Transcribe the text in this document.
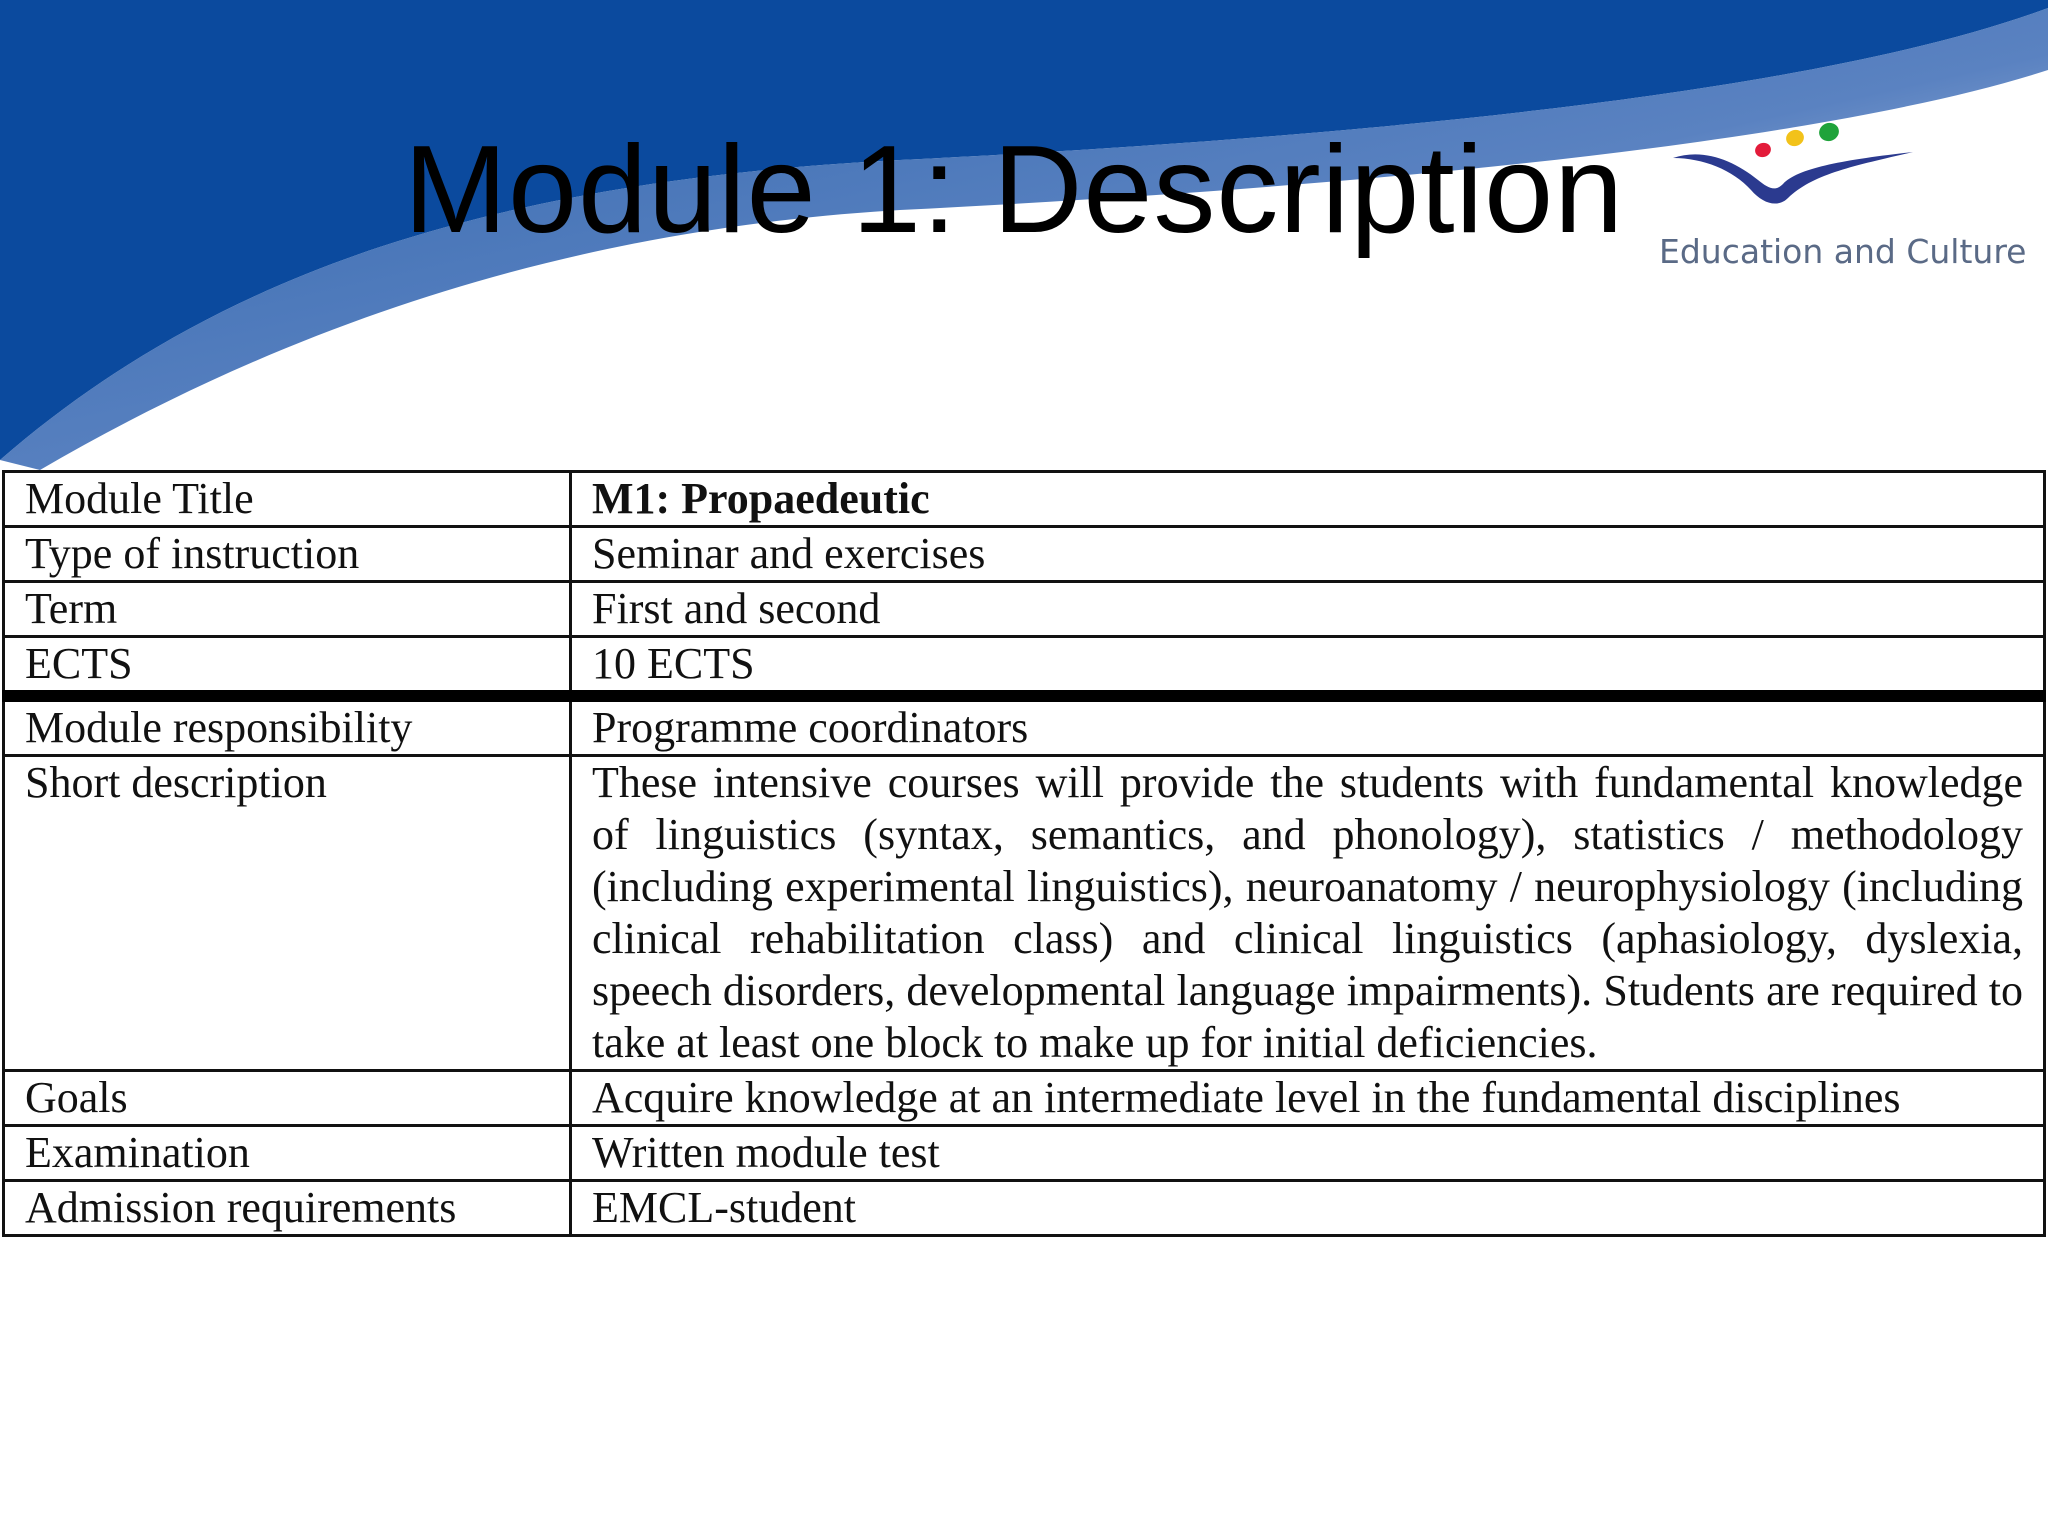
Module 1: Description	Education and Culture
Module Title	M1: Propaedeutic
Type of instruction	Seminar and exercises
Term	First and second
ECTS	10 ECTS
Module responsibility	Programme coordinators
Short description	These intensive courses will provide the students with fundamental knowledge of linguistics (syntax, semantics, and phonology), statistics / methodology (including experimental linguistics), neuroanatomy / neurophysiology (including clinical rehabilitation class) and clinical linguistics (aphasiology, dyslexia, speech disorders, developmental language impairments). Students are required to take at least one block to make up for initial deficiencies.
Goals	Acquire knowledge at an intermediate level in the fundamental disciplines
Examination	Written module test
Admission requirements	EMCL-student
